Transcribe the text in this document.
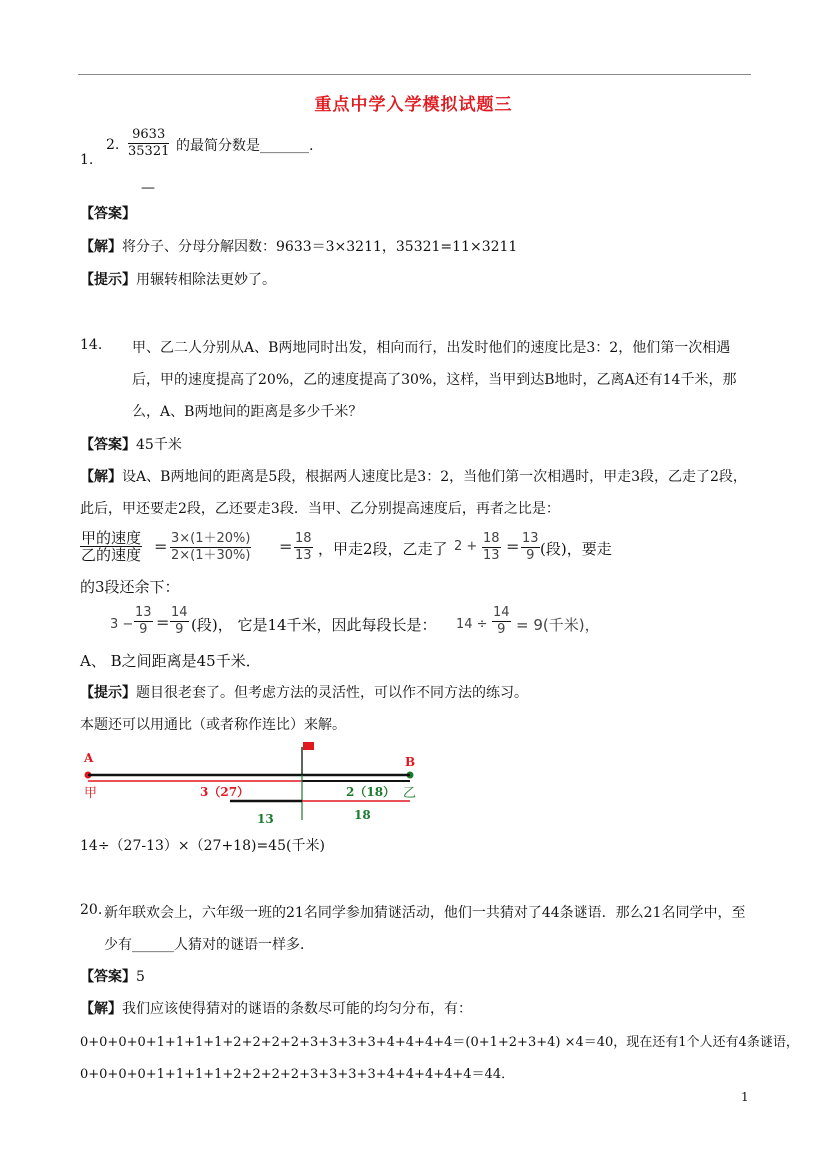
重点中学入学模拟试题三
2. $\frac{9633}{35321}$ 的最简分数是_______.
1.
—
【答案】
【解】将分子、分母分解因数：9633＝3×3211，35321=11×3211
【提示】用辗转相除法更妙了。
14. 甲、乙二人分别从A、B两地同时出发，相向而行，出发时他们的速度比是3：2，他们第一次相遇
后，甲的速度提高了20%，乙的速度提高了30%，这样，当甲到达B地时，乙离A还有14千米，那
么，A、B两地间的距离是多少千米？
【答案】45千米
【解】设A、B两地间的距离是5段，根据两人速度比是3：2，当他们第一次相遇时，甲走3段，乙走了2段，
此后，甲还要走2段，乙还要走3段．当甲、乙分别提高速度后，再者之比是：
甲的速度
乙的速度 = $\frac{3\times(1+20\%)}{2\times(1+30\%)} = \frac{18}{13}$ ，甲走2段，乙走了 $2 + \frac{18}{13} = \frac{13}{9}$ (段)，要走
的3段还余下：
$3 - \frac{13}{9} = \frac{14}{9}$ (段)， 它是14千米，因此每段长是： $14 \div \frac{14}{9} = 9$(千米)，
A、 B之间距离是45千米．
【提示】题目很老套了。但考虑方法的灵活性，可以作不同方法的练习。
本题还可以用通比（或者称作连比）来解。
A	B
甲	乙
3（27）	2（18）
13	18
14÷（27-13）×（27+18)=45(千米)
20. 新年联欢会上，六年级一班的21名同学参加猜谜活动，他们一共猜对了44条谜语．那么21名同学中，至
少有______人猜对的谜语一样多．
【答案】5
【解】我们应该使得猜对的谜语的条数尽可能的均匀分布，有：
0+0+0+0+1+1+1+1+2+2+2+2+3+3+3+3+4+4+4+4＝(0+1+2+3+4) ×4＝40，现在还有1个人还有4条谜语，
0+0+0+0+1+1+1+1+2+2+2+2+3+3+3+3+4+4+4+4+4＝44．
1
